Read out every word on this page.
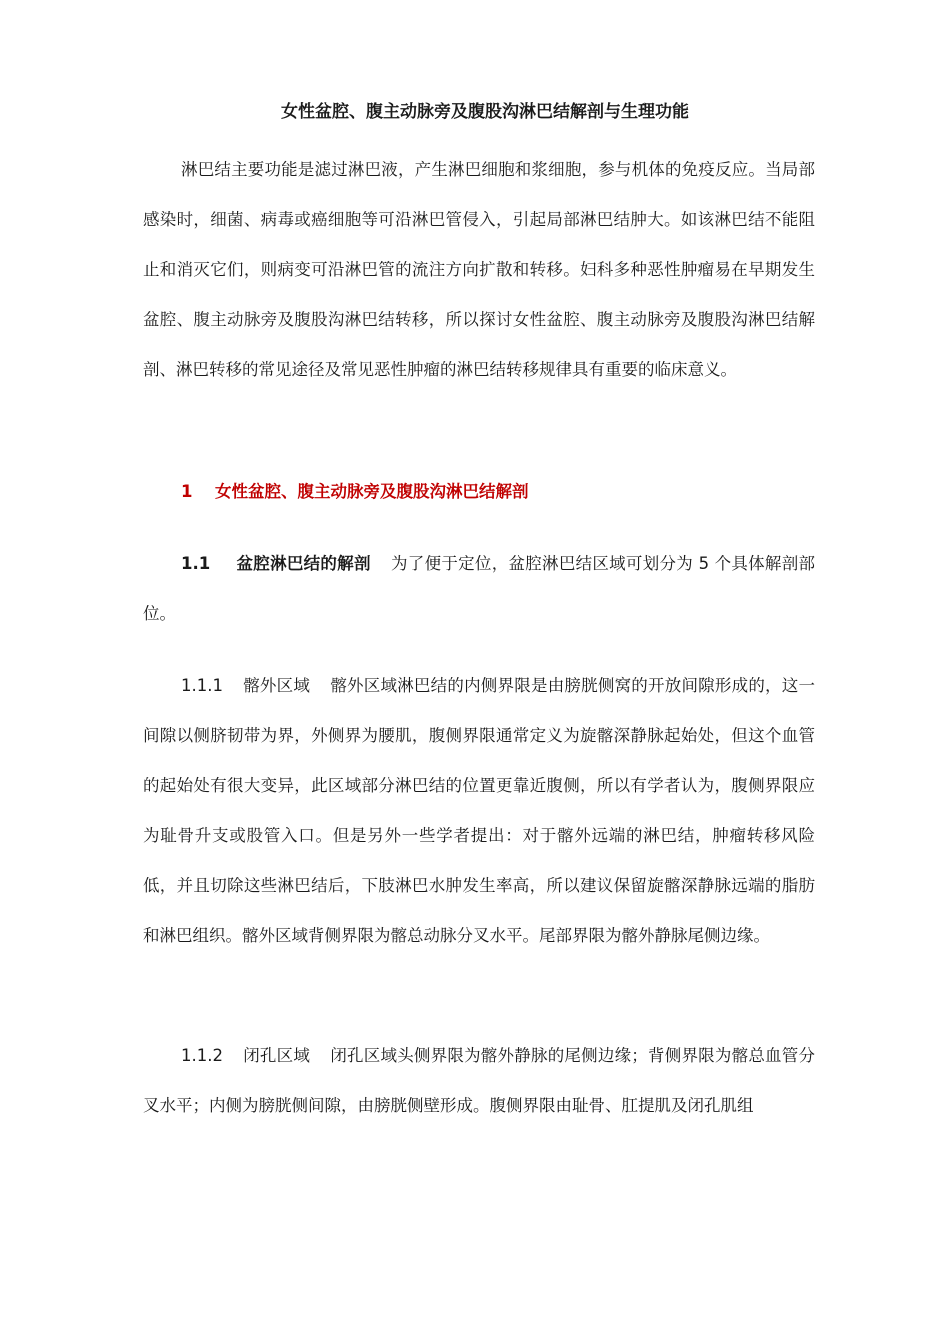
女性盆腔、腹主动脉旁及腹股沟淋巴结解剖与生理功能

淋巴结主要功能是滤过淋巴液，产生淋巴细胞和浆细胞，参与机体的免疫反应。当局部感染时，细菌、病毒或癌细胞等可沿淋巴管侵入，引起局部淋巴结肿大。如该淋巴结不能阻止和消灭它们，则病变可沿淋巴管的流注方向扩散和转移。妇科多种恶性肿瘤易在早期发生盆腔、腹主动脉旁及腹股沟淋巴结转移，所以探讨女性盆腔、腹主动脉旁及腹股沟淋巴结解剖、淋巴转移的常见途径及常见恶性肿瘤的淋巴结转移规律具有重要的临床意义。

1 女性盆腔、腹主动脉旁及腹股沟淋巴结解剖

1.1 盆腔淋巴结的解剖 为了便于定位，盆腔淋巴结区域可划分为 5 个具体解剖部位。

1.1.1 髂外区域 髂外区域淋巴结的内侧界限是由膀胱侧窝的开放间隙形成的，这一间隙以侧脐韧带为界，外侧界为腰肌，腹侧界限通常定义为旋髂深静脉起始处，但这个血管的起始处有很大变异，此区域部分淋巴结的位置更靠近腹侧，所以有学者认为，腹侧界限应为耻骨升支或股管入口。但是另外一些学者提出：对于髂外远端的淋巴结，肿瘤转移风险低，并且切除这些淋巴结后，下肢淋巴水肿发生率高，所以建议保留旋髂深静脉远端的脂肪和淋巴组织。髂外区域背侧界限为髂总动脉分叉水平。尾部界限为髂外静脉尾侧边缘。

1.1.2 闭孔区域 闭孔区域头侧界限为髂外静脉的尾侧边缘；背侧界限为髂总血管分叉水平；内侧为膀胱侧间隙，由膀胱侧壁形成。腹侧界限由耻骨、肛提肌及闭孔肌组
